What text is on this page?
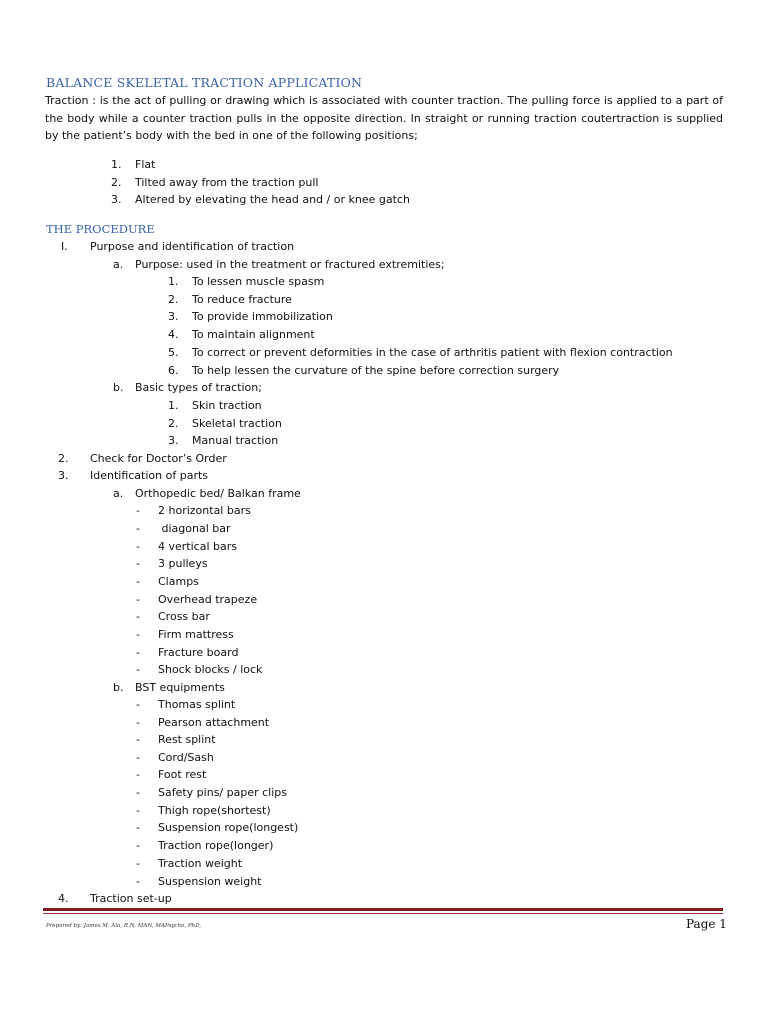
BALANCE SKELETAL TRACTION APPLICATION
Traction : is the act of pulling or drawing which is associated with counter traction. The pulling force is applied to a part of the body while a counter traction pulls in the opposite direction. In straight or running traction coutertraction is supplied by the patient’s body with the bed in one of the following positions;
1. Flat
2. Tilted away from the traction pull
3. Altered by elevating the head and / or knee gatch
THE PROCEDURE
I. Purpose and identification of traction
a. Purpose: used in the treatment or fractured extremities;
1. To lessen muscle spasm
2. To reduce fracture
3. To provide immobilization
4. To maintain alignment
5. To correct or prevent deformities in the case of arthritis patient with flexion contraction
6. To help lessen the curvature of the spine before correction surgery
b. Basic types of traction;
1. Skin traction
2. Skeletal traction
3. Manual traction
2. Check for Doctor’s Order
3. Identification of parts
a. Orthopedic bed/ Balkan frame
- 2 horizontal bars
- diagonal bar
- 4 vertical bars
- 3 pulleys
- Clamps
- Overhead trapeze
- Cross bar
- Firm mattress
- Fracture board
- Shock blocks / lock
b. BST equipments
- Thomas splint
- Pearson attachment
- Rest splint
- Cord/Sash
- Foot rest
- Safety pins/ paper clips
- Thigh rope(shortest)
- Suspension rope(longest)
- Traction rope(longer)
- Traction weight
- Suspension weight
4. Traction set-up
Prepared by: James M. Ala, R.N, MAN, MAPsycho, PhD,	Page 1
